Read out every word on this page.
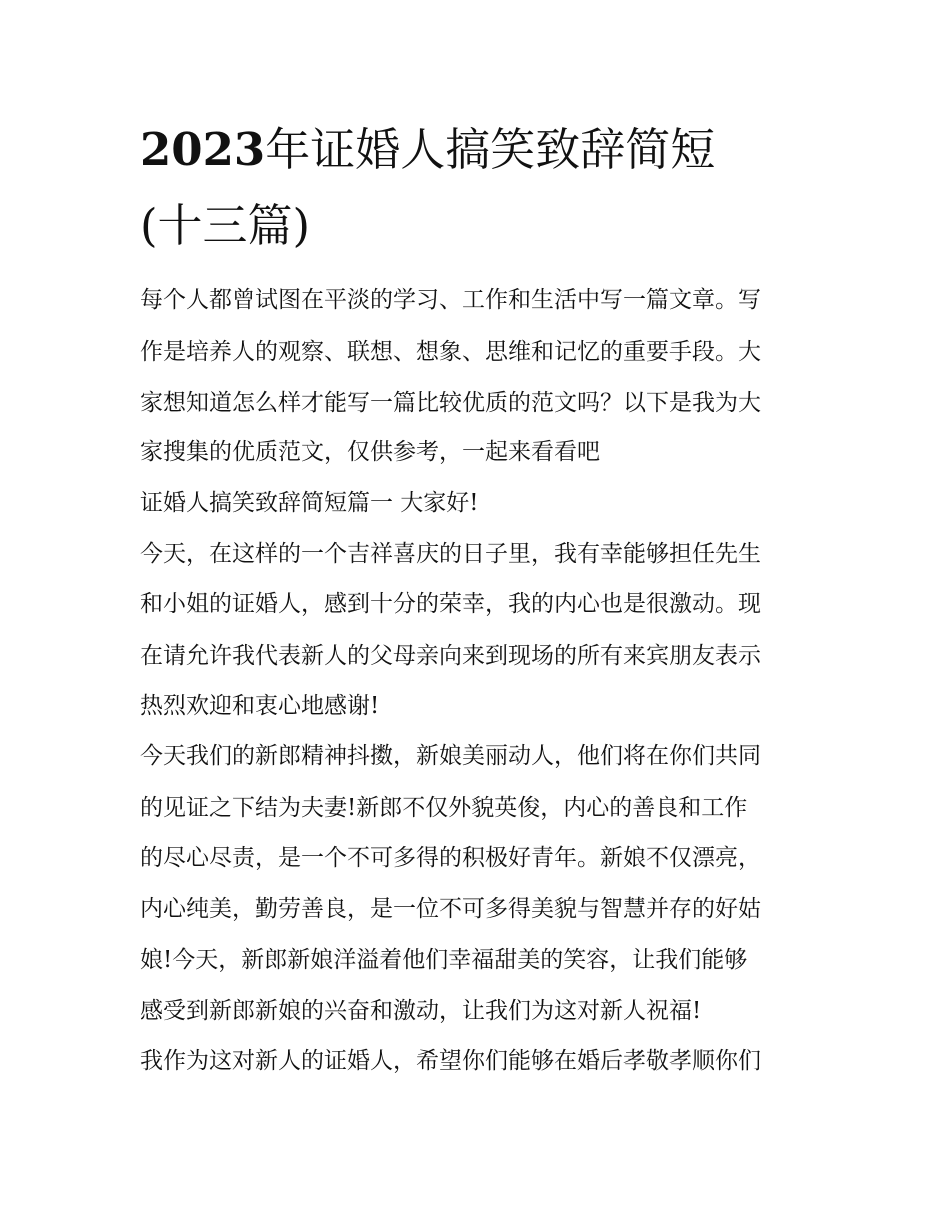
2023年证婚人搞笑致辞简短
(十三篇)
每个人都曾试图在平淡的学习、工作和生活中写一篇文章。写
作是培养人的观察、联想、想象、思维和记忆的重要手段。大
家想知道怎么样才能写一篇比较优质的范文吗？以下是我为大
家搜集的优质范文，仅供参考，一起来看看吧
证婚人搞笑致辞简短篇一 大家好!
今天，在这样的一个吉祥喜庆的日子里，我有幸能够担任先生
和小姐的证婚人，感到十分的荣幸，我的内心也是很激动。现
在请允许我代表新人的父母亲向来到现场的所有来宾朋友表示
热烈欢迎和衷心地感谢!
今天我们的新郎精神抖擞，新娘美丽动人，他们将在你们共同
的见证之下结为夫妻!新郎不仅外貌英俊，内心的善良和工作
的尽心尽责，是一个不可多得的积极好青年。新娘不仅漂亮，
内心纯美，勤劳善良，是一位不可多得美貌与智慧并存的好姑
娘!今天，新郎新娘洋溢着他们幸福甜美的笑容，让我们能够
感受到新郎新娘的兴奋和激动，让我们为这对新人祝福!
我作为这对新人的证婚人，希望你们能够在婚后孝敬孝顺你们
